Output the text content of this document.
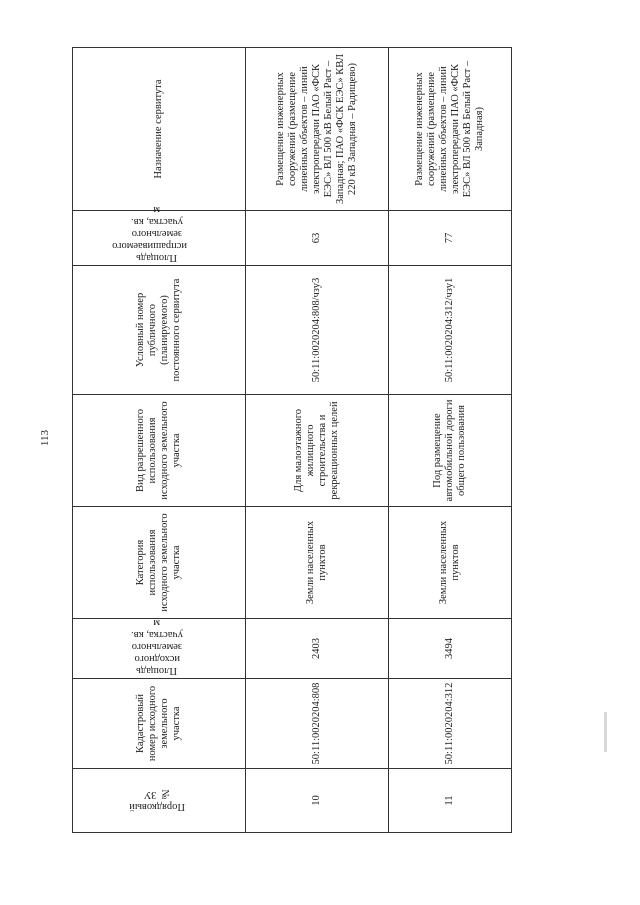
113
Порядковый № ЗУ	Кадастровый номер исходного земельного участка	Площадь исходного земельного участка, кв. м	Категория использования исходного земельного участка	Вид разрешенного использования исходного земельного участка	Условный номер публичного (планируемого) постоянного сервитута	Площадь испрашиваемого земельного участка, кв. м	Назначение сервитута
10	50:11:0020204:808	2403	Земли населенных пунктов	Для малоэтажного жилищного строительства и рекреационных целей	50:11:0020204:808/чзу3	63	Размещение инженерных сооружений (размещение линейных объектов – линий электропередачи ПАО «ФСК ЕЭС» ВЛ 500 кВ Белый Раст – Западная; ПАО «ФСК ЕЭС» КВЛ 220 кВ Западная – Радищево)
11	50:11:0020204:312	3494	Земли населенных пунктов	Под размещение автомобильной дороги общего пользования	50:11:0020204:312/чзу1	77	Размещение инженерных сооружений (размещение линейных объектов – линий электропередачи ПАО «ФСК ЕЭС» ВЛ 500 кВ Белый Раст – Западная)
